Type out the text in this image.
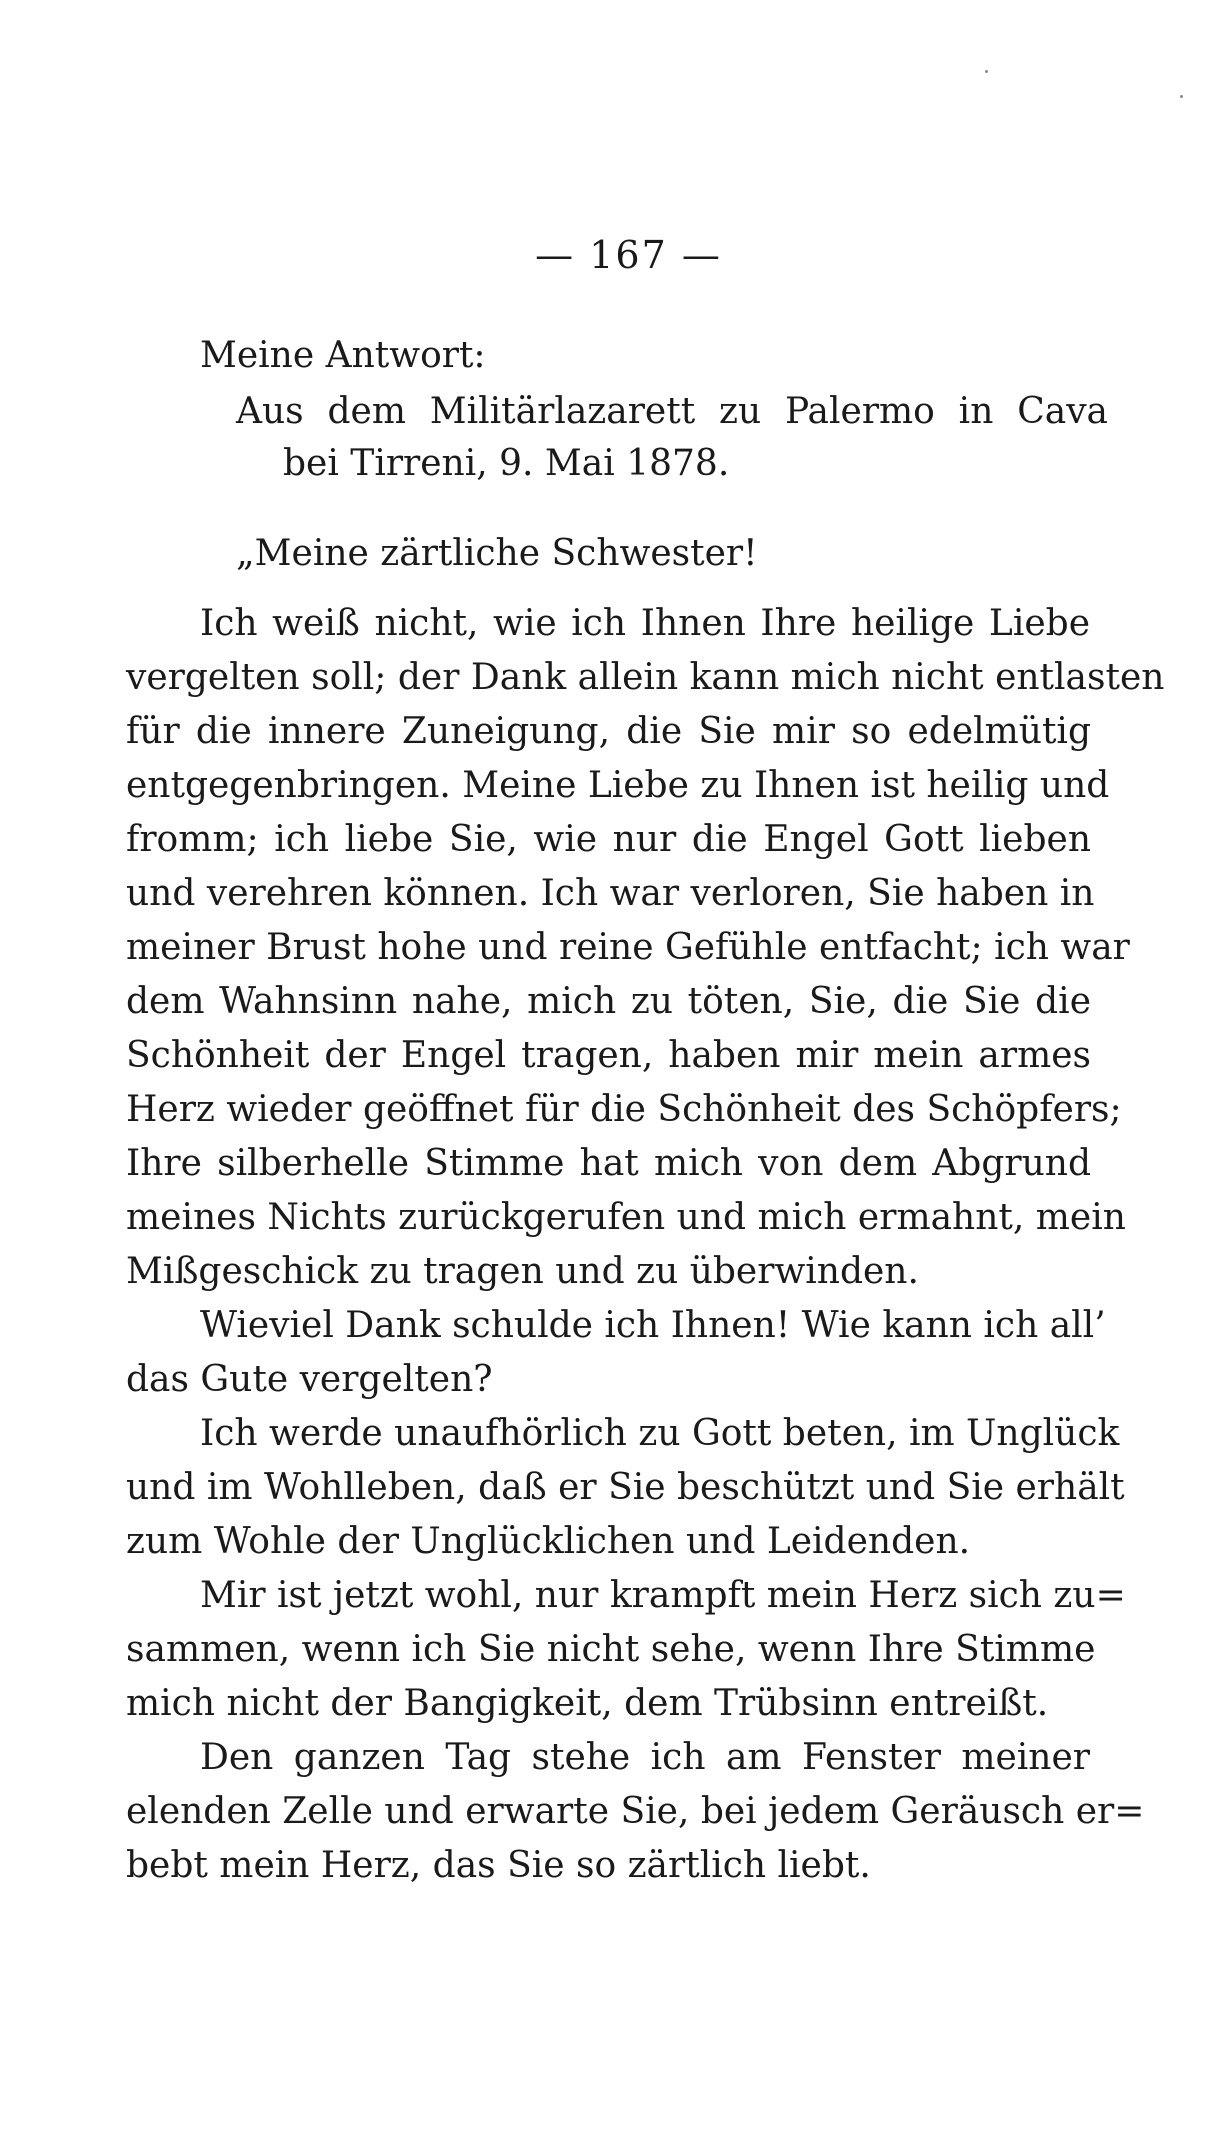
— 167 —
Meine Antwort:
Aus dem Militärlazarett zu Palermo in Cava
bei Tirreni, 9. Mai 1878.
„Meine zärtliche Schwester!
Ich weiß nicht, wie ich Ihnen Ihre heilige Liebe
vergelten soll; der Dank allein kann mich nicht entlasten
für die innere Zuneigung, die Sie mir so edelmütig
entgegenbringen. Meine Liebe zu Ihnen ist heilig und
fromm; ich liebe Sie, wie nur die Engel Gott lieben
und verehren können. Ich war verloren, Sie haben in
meiner Brust hohe und reine Gefühle entfacht; ich war
dem Wahnsinn nahe, mich zu töten, Sie, die Sie die
Schönheit der Engel tragen, haben mir mein armes
Herz wieder geöffnet für die Schönheit des Schöpfers;
Ihre silberhelle Stimme hat mich von dem Abgrund
meines Nichts zurückgerufen und mich ermahnt, mein
Mißgeschick zu tragen und zu überwinden.
Wieviel Dank schulde ich Ihnen! Wie kann ich all’
das Gute vergelten?
Ich werde unaufhörlich zu Gott beten, im Unglück
und im Wohlleben, daß er Sie beschützt und Sie erhält
zum Wohle der Unglücklichen und Leidenden.
Mir ist jetzt wohl, nur krampft mein Herz sich zu=
sammen, wenn ich Sie nicht sehe, wenn Ihre Stimme
mich nicht der Bangigkeit, dem Trübsinn entreißt.
Den ganzen Tag stehe ich am Fenster meiner
elenden Zelle und erwarte Sie, bei jedem Geräusch er=
bebt mein Herz, das Sie so zärtlich liebt.
